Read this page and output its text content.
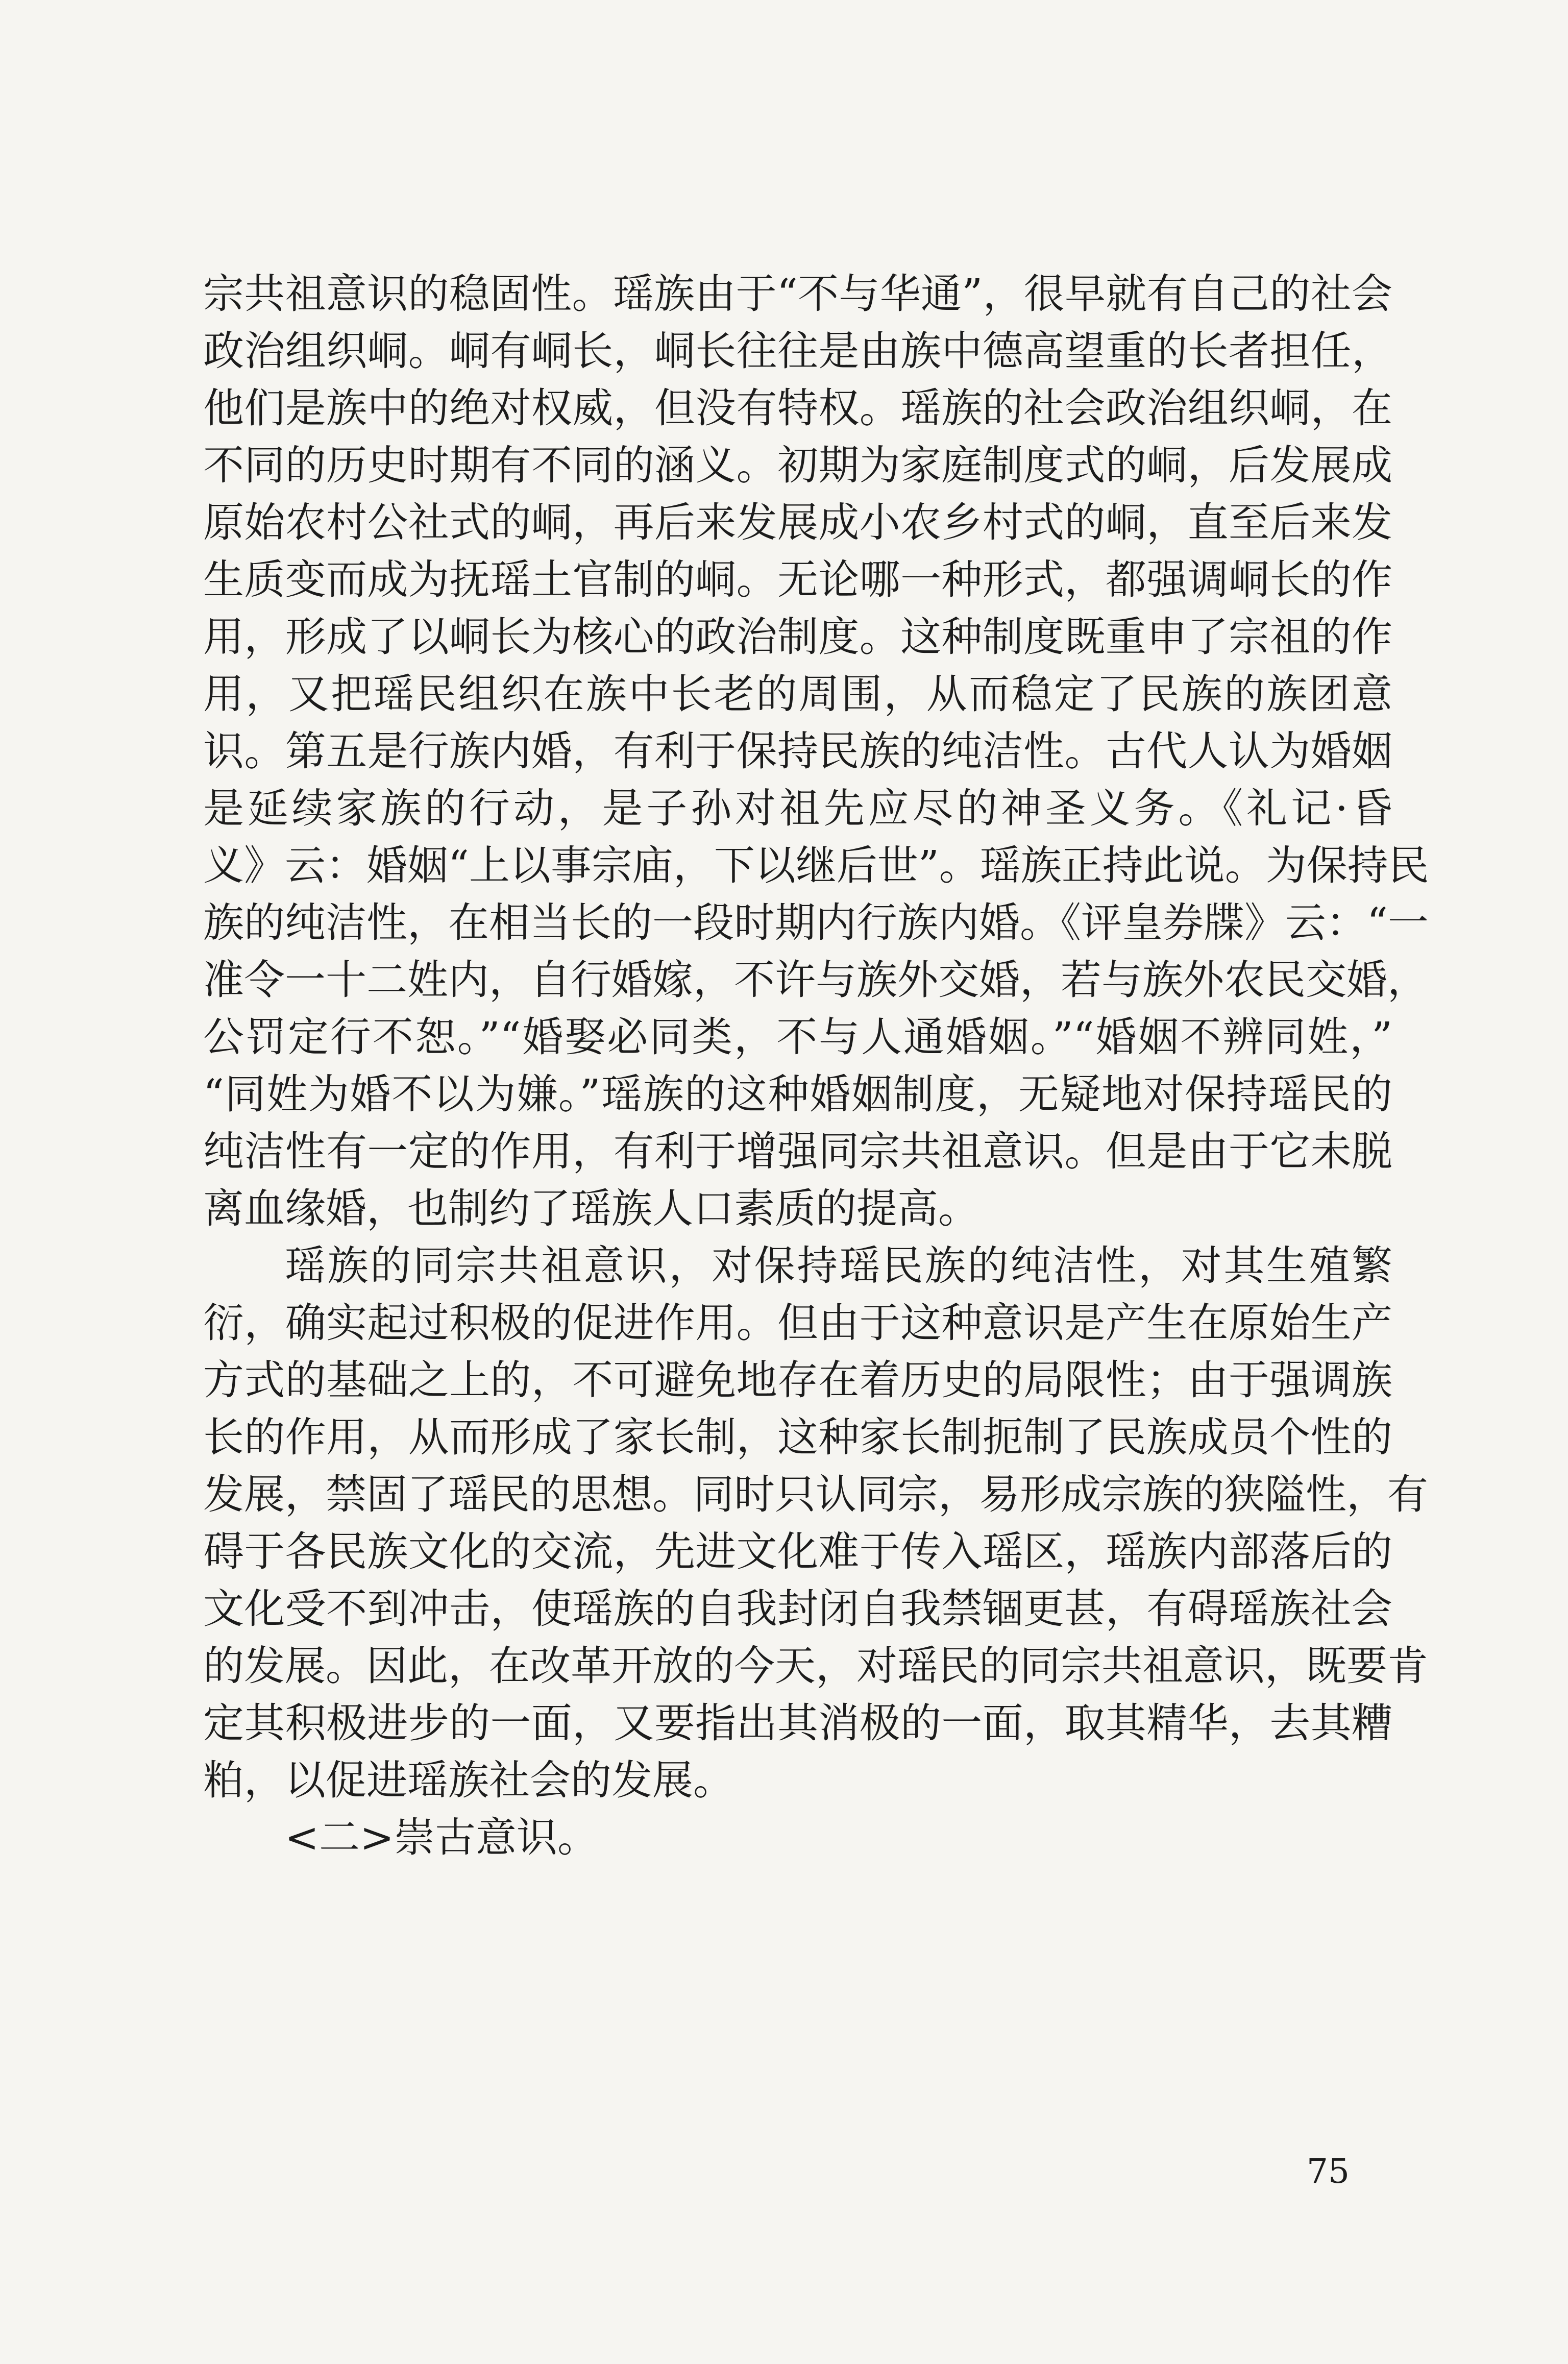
宗共祖意识的稳固性。瑶族由于“不与华通”，很早就有自己的社会
政治组织峒。峒有峒长，峒长往往是由族中德高望重的长者担任，
他们是族中的绝对权威，但没有特权。瑶族的社会政治组织峒，在
不同的历史时期有不同的涵义。初期为家庭制度式的峒，后发展成
原始农村公社式的峒，再后来发展成小农乡村式的峒，直至后来发
生质变而成为抚瑶土官制的峒。无论哪一种形式，都强调峒长的作
用，形成了以峒长为核心的政治制度。这种制度既重申了宗祖的作
用，又把瑶民组织在族中长老的周围，从而稳定了民族的族团意
识。第五是行族内婚，有利于保持民族的纯洁性。古代人认为婚姻
是延续家族的行动，是子孙对祖先应尽的神圣义务。《礼记·昏
义》云：婚姻“上以事宗庙，下以继后世”。瑶族正持此说。为保持民
族的纯洁性，在相当长的一段时期内行族内婚。《评皇券牒》云：“一
准令一十二姓内，自行婚嫁，不许与族外交婚，若与族外农民交婚，
公罚定行不恕。”“婚娶必同类，不与人通婚姻。”“婚姻不辨同姓，”
“同姓为婚不以为嫌。”瑶族的这种婚姻制度，无疑地对保持瑶民的
纯洁性有一定的作用，有利于增强同宗共祖意识。但是由于它未脱
离血缘婚，也制约了瑶族人口素质的提高。
瑶族的同宗共祖意识，对保持瑶民族的纯洁性，对其生殖繁
衍，确实起过积极的促进作用。但由于这种意识是产生在原始生产
方式的基础之上的，不可避免地存在着历史的局限性；由于强调族
长的作用，从而形成了家长制，这种家长制扼制了民族成员个性的
发展，禁固了瑶民的思想。同时只认同宗，易形成宗族的狭隘性，有
碍于各民族文化的交流，先进文化难于传入瑶区，瑶族内部落后的
文化受不到冲击，使瑶族的自我封闭自我禁锢更甚，有碍瑶族社会
的发展。因此，在改革开放的今天，对瑶民的同宗共祖意识，既要肯
定其积极进步的一面，又要指出其消极的一面，取其精华，去其糟
粕，以促进瑶族社会的发展。
<二>崇古意识。
75
